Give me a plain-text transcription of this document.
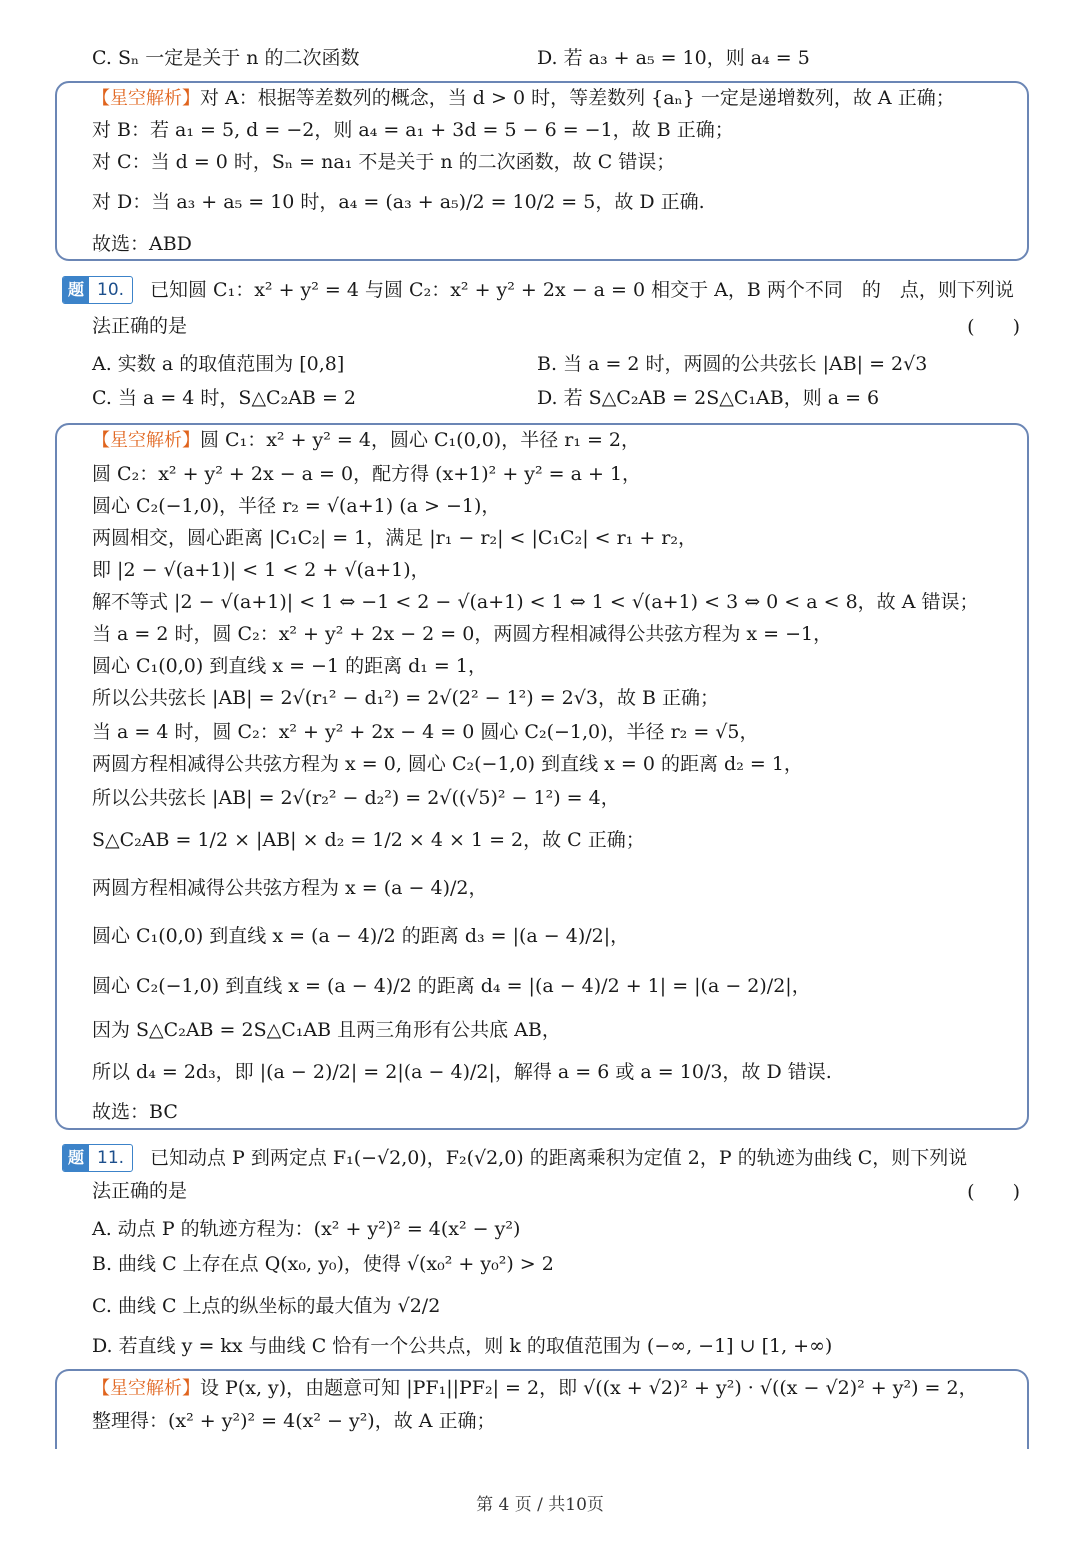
C. Sₙ 一定是关于 n 的二次函数	D. 若 a₃ + a₅ = 10，则 a₄ = 5
【星空解析】对 A：根据等差数列的概念，当 d > 0 时，等差数列 {aₙ} 一定是递增数列，故 A 正确；
对 B：若 a₁ = 5, d = −2，则 a₄ = a₁ + 3d = 5 − 6 = −1，故 B 正确；
对 C：当 d = 0 时，Sₙ = na₁ 不是关于 n 的二次函数，故 C 错误；
对 D：当 a₃ + a₅ = 10 时，a₄ = (a₃ + a₅)/2 = 10/2 = 5，故 D 正确.
故选：ABD
题 10.	已知圆 C₁：x² + y² = 4 与圆 C₂：x² + y² + 2x − a = 0 相交于 A，B 两个不同　的　点，则下列说
法正确的是	(　　)
A. 实数 a 的取值范围为 [0,8]	B. 当 a = 2 时，两圆的公共弦长 |AB| = 2√3
C. 当 a = 4 时，S△C₂AB = 2	D. 若 S△C₂AB = 2S△C₁AB，则 a = 6
【星空解析】圆 C₁：x² + y² = 4，圆心 C₁(0,0)，半径 r₁ = 2，
圆 C₂：x² + y² + 2x − a = 0，配方得 (x+1)² + y² = a + 1，
圆心 C₂(−1,0)，半径 r₂ = √(a+1) (a > −1)，
两圆相交，圆心距离 |C₁C₂| = 1，满足 |r₁ − r₂| < |C₁C₂| < r₁ + r₂，
即 |2 − √(a+1)| < 1 < 2 + √(a+1)，
解不等式 |2 − √(a+1)| < 1 ⇔ −1 < 2 − √(a+1) < 1 ⇔ 1 < √(a+1) < 3 ⇔ 0 < a < 8，故 A 错误；
当 a = 2 时，圆 C₂：x² + y² + 2x − 2 = 0，两圆方程相减得公共弦方程为 x = −1，
圆心 C₁(0,0) 到直线 x = −1 的距离 d₁ = 1，
所以公共弦长 |AB| = 2√(r₁² − d₁²) = 2√(2² − 1²) = 2√3，故 B 正确；
当 a = 4 时，圆 C₂：x² + y² + 2x − 4 = 0 圆心 C₂(−1,0)，半径 r₂ = √5，
两圆方程相减得公共弦方程为 x = 0, 圆心 C₂(−1,0) 到直线 x = 0 的距离 d₂ = 1，
所以公共弦长 |AB| = 2√(r₂² − d₂²) = 2√((√5)² − 1²) = 4，
S△C₂AB = 1/2 × |AB| × d₂ = 1/2 × 4 × 1 = 2，故 C 正确；
两圆方程相减得公共弦方程为 x = (a − 4)/2，
圆心 C₁(0,0) 到直线 x = (a − 4)/2 的距离 d₃ = |(a − 4)/2|，
圆心 C₂(−1,0) 到直线 x = (a − 4)/2 的距离 d₄ = |(a − 4)/2 + 1| = |(a − 2)/2|，
因为 S△C₂AB = 2S△C₁AB 且两三角形有公共底 AB，
所以 d₄ = 2d₃，即 |(a − 2)/2| = 2|(a − 4)/2|，解得 a = 6 或 a = 10/3，故 D 错误.
故选：BC
题 11.	已知动点 P 到两定点 F₁(−√2,0)，F₂(√2,0) 的距离乘积为定值 2，P 的轨迹为曲线 C，则下列说
法正确的是	(　　)
A. 动点 P 的轨迹方程为：(x² + y²)² = 4(x² − y²)
B. 曲线 C 上存在点 Q(x₀, y₀)，使得 √(x₀² + y₀²) > 2
C. 曲线 C 上点的纵坐标的最大值为 √2/2
D. 若直线 y = kx 与曲线 C 恰有一个公共点，则 k 的取值范围为 (−∞, −1] ∪ [1, +∞)
【星空解析】设 P(x, y)，由题意可知 |PF₁||PF₂| = 2，即 √((x + √2)² + y²) · √((x − √2)² + y²) = 2，
整理得：(x² + y²)² = 4(x² − y²)，故 A 正确；
第 4 页 / 共10页
